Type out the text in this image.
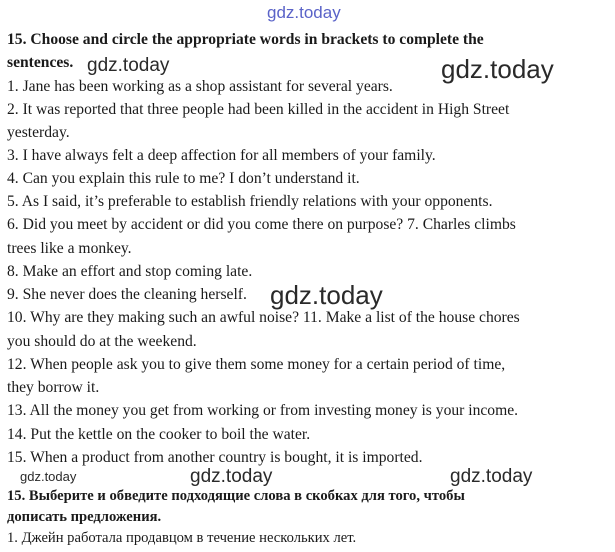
gdz.today
15. Choose and circle the appropriate words in brackets to complete the
sentences.
1. Jane has been working as a shop assistant for several years.
2. It was reported that three people had been killed in the accident in High Street
yesterday.
3. I have always felt a deep affection for all members of your family.
4. Can you explain this rule to me? I don’t understand it.
5. As I said, it’s preferable to establish friendly relations with your opponents.
6. Did you meet by accident or did you come there on purpose? 7. Charles climbs
trees like a monkey.
8. Make an effort and stop coming late.
9. She never does the cleaning herself.
10. Why are they making such an awful noise? 11. Make a list of the house chores
you should do at the weekend.
12. When people ask you to give them some money for a certain period of time,
they borrow it.
13. All the money you get from working or from investing money is your income.
14. Put the kettle on the cooker to boil the water.
15. When a product from another country is bought, it is imported.
15. Выберите и обведите подходящие слова в скобках для того, чтобы
дописать предложения.
1. Джейн работала продавцом в течение нескольких лет.
gdz.today	gdz.today
gdz.today
gdz.today	gdz.today	gdz.today
